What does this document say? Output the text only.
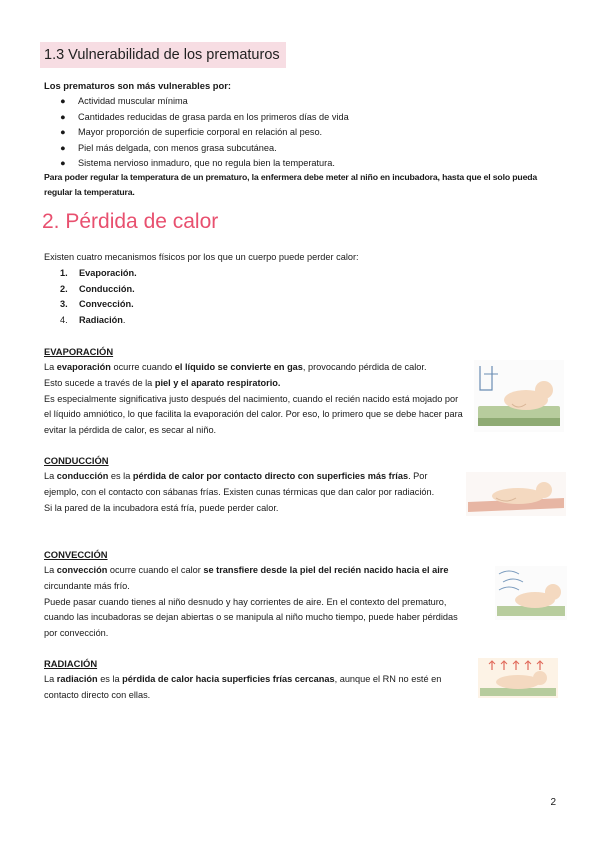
1.3 Vulnerabilidad de los prematuros
Los prematuros son más vulnerables por:
● Actividad muscular mínima
● Cantidades reducidas de grasa parda en los primeros días de vida
● Mayor proporción de superficie corporal en relación al peso.
● Piel más delgada, con menos grasa subcutánea.
● Sistema nervioso inmaduro, que no regula bien la temperatura.
Para poder regular la temperatura de un prematuro, la enfermera debe meter al niño en incubadora, hasta que el solo pueda regular la temperatura.
2. Pérdida de calor
Existen cuatro mecanismos físicos por los que un cuerpo puede perder calor:
1. Evaporación.
2. Conducción.
3. Convección.
4. Radiación.
EVAPORACIÓN
La evaporación ocurre cuando el líquido se convierte en gas, provocando pérdida de calor.
Esto sucede a través de la piel y el aparato respiratorio.
Es especialmente significativa justo después del nacimiento, cuando el recién nacido está mojado por el líquido amniótico, lo que facilita la evaporación del calor. Por eso, lo primero que se debe hacer para evitar la pérdida de calor, es secar al niño.
CONDUCCIÓN
La conducción es la pérdida de calor por contacto directo con superficies más frías. Por ejemplo, con el contacto con sábanas frías. Existen cunas térmicas que dan calor por radiación.
Si la pared de la incubadora está fría, puede perder calor.
CONVECCIÓN
La convección ocurre cuando el calor se transfiere desde la piel del recién nacido hacia el aire circundante más frío.
Puede pasar cuando tienes al niño desnudo y hay corrientes de aire. En el contexto del prematuro, cuando las incubadoras se dejan abiertas o se manipula al niño mucho tiempo, puede haber pérdidas por convección.
RADIACIÓN
La radiación es la pérdida de calor hacia superficies frías cercanas, aunque el RN no esté en contacto directo con ellas.
2
